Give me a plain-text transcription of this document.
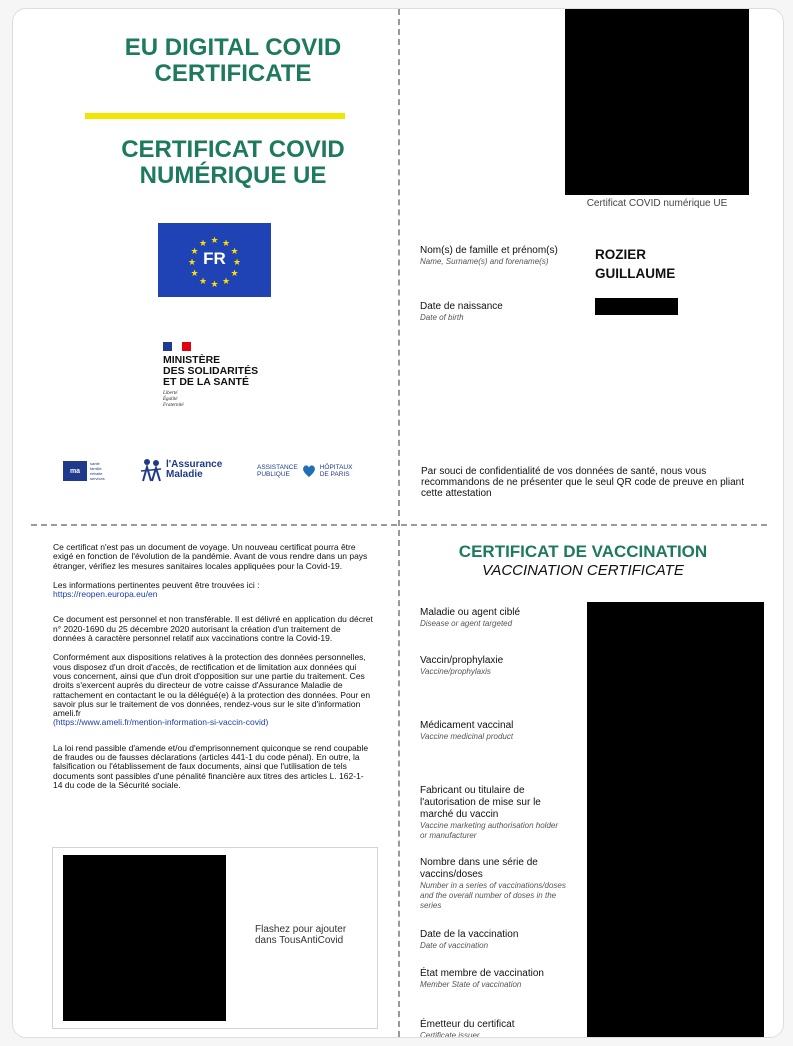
EU DIGITAL COVID CERTIFICATE
CERTIFICAT COVID NUMÉRIQUE UE
★ ★
★
★
★
★
★
★
★
★
★
★
FR
MINISTÈRE
DES SOLIDARITÉS
ET DE LA SANTÉ
Liberté
Égalité
Fraternité
ma
santé
famille
retraite
services
l'Assurance
Maladie
ASSISTANCE
PUBLIQUE
HÔPITAUX
DE PARIS
Certificat COVID numérique UE
Nom(s) de famille et prénom(s)
Name, Surname(s) and forename(s)	ROZIER
GUILLAUME
Date de naissance
Date of birth
Par souci de confidentialité de vos données de santé, nous vous recommandons de ne présenter que le seul QR code de preuve en pliant cette attestation

Ce certificat n'est pas un document de voyage. Un nouveau certificat pourra être exigé en fonction de l'évolution de la pandémie. Avant de vous rendre dans un pays étranger, vérifiez les mesures sanitaires locales appliquées pour la Covid-19.

Les informations pertinentes peuvent être trouvées ici :
https://reopen.europa.eu/en

Ce document est personnel et non transférable. Il est délivré en application du décret n° 2020-1690 du 25 décembre 2020 autorisant la création d'un traitement de données à caractère personnel relatif aux vaccinations contre la Covid-19.

Conformément aux dispositions relatives à la protection des données personnelles, vous disposez d'un droit d'accès, de rectification et de limitation aux données qui vous concernent, ainsi que d'un droit d'opposition sur une partie du traitement. Ces droits s'exercent auprès du directeur de votre caisse d'Assurance Maladie de rattachement en contactant le ou la délégué(e) à la protection des données. Pour en savoir plus sur le traitement de vos données, rendez-vous sur le site d'information ameli.fr
(https://www.ameli.fr/mention-information-si-vaccin-covid)

La loi rend passible d'amende et/ou d'emprisonnement quiconque se rend coupable de fraudes ou de fausses déclarations (articles 441-1 du code pénal). En outre, la falsification ou l'établissement de faux documents, ainsi que l'utilisation de tels documents sont passibles d'une pénalité financière aux titres des articles L. 162-1-14 du code de la Sécurité sociale.

Flashez pour ajouter dans TousAntiCovid
CERTIFICAT DE VACCINATION
VACCINATION CERTIFICATE
Maladie ou agent ciblé
Disease or agent targeted
Vaccin/prophylaxie
Vaccine/prophylaxis
Médicament vaccinal
Vaccine medicinal product
Fabricant ou titulaire de l'autorisation de mise sur le marché du vaccin
Vaccine marketing authorisation holder or manufacturer
Nombre dans une série de vaccins/doses
Number in a series of vaccinations/doses and the overall number of doses in the series
Date de la vaccination
Date of vaccination
État membre de vaccination
Member State of vaccination
Émetteur du certificat
Certificate issuer
